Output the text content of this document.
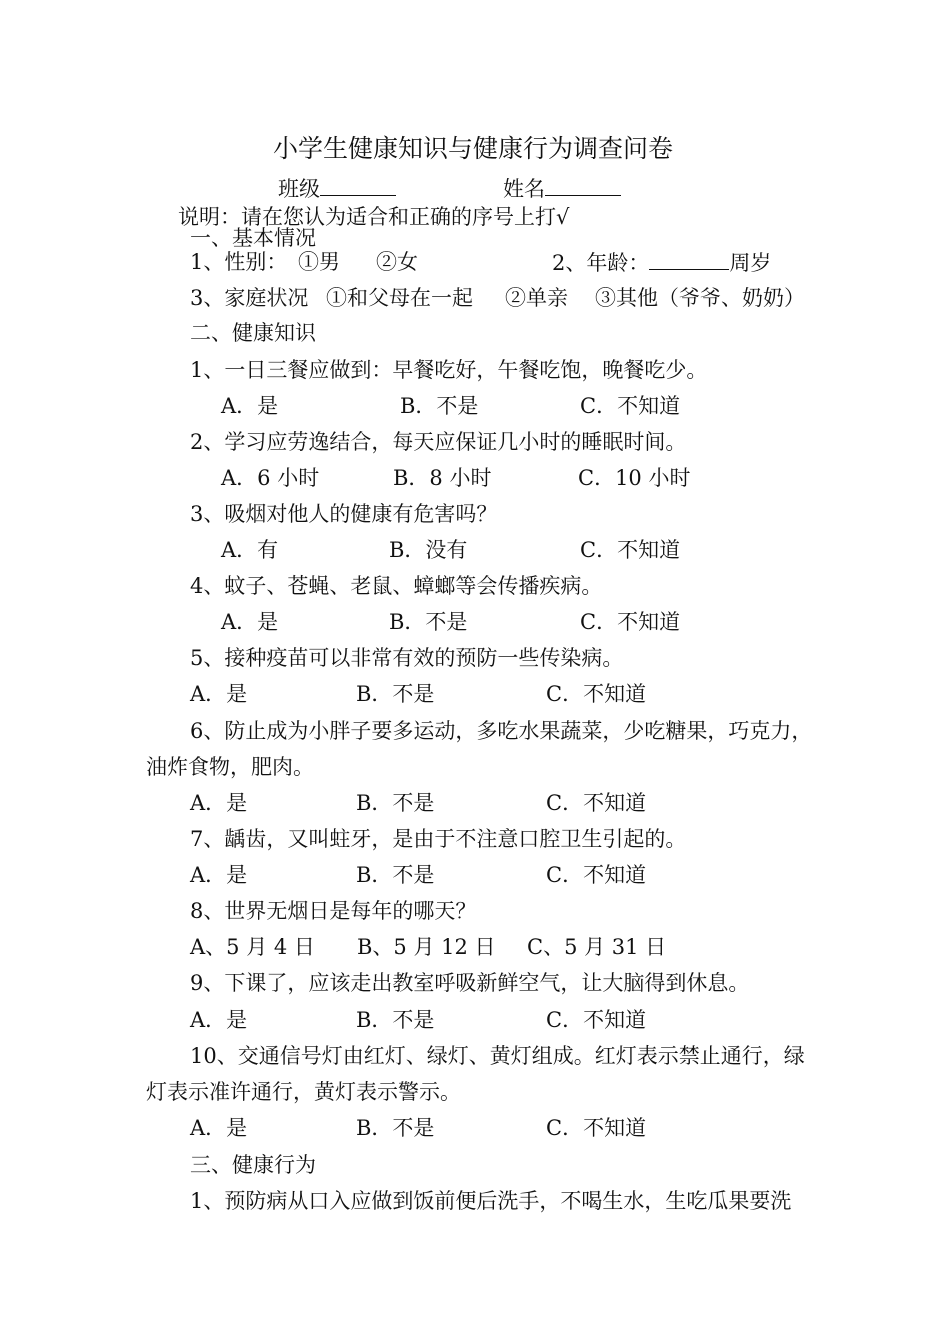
小学生健康知识与健康行为调查问卷
班级	姓名
说明：请在您认为适合和正确的序号上打√
一、基本情况
1、性别： ①男 ②女	2、年龄：	周岁
3、家庭状况 ①和父母在一起 ②单亲 ③其他（爷爷、奶奶）
二、健康知识
1、一日三餐应做到：早餐吃好，午餐吃饱，晚餐吃少。
A．是	B．不是	C．不知道
2、学习应劳逸结合，每天应保证几小时的睡眠时间。
A．6 小时	B．8 小时	C．10 小时
3、吸烟对他人的健康有危害吗？
A．有	B．没有	C．不知道
4、蚊子、苍蝇、老鼠、蟑螂等会传播疾病。
A．是	B．不是	C．不知道
5、接种疫苗可以非常有效的预防一些传染病。
A．是	B．不是	C．不知道
6、防止成为小胖子要多运动，多吃水果蔬菜，少吃糖果，巧克力，
油炸食物，肥肉。
A．是	B．不是	C．不知道
7、龋齿，又叫蛀牙，是由于不注意口腔卫生引起的。
A．是	B．不是	C．不知道
8、世界无烟日是每年的哪天？
A、5 月 4 日 B、5 月 12 日 C、5 月 31 日
9、下课了，应该走出教室呼吸新鲜空气，让大脑得到休息。
A．是	B．不是	C．不知道
10、交通信号灯由红灯、绿灯、黄灯组成。红灯表示禁止通行，绿
灯表示准许通行，黄灯表示警示。
A．是	B．不是	C．不知道
三、健康行为
1、预防病从口入应做到饭前便后洗手，不喝生水，生吃瓜果要洗
